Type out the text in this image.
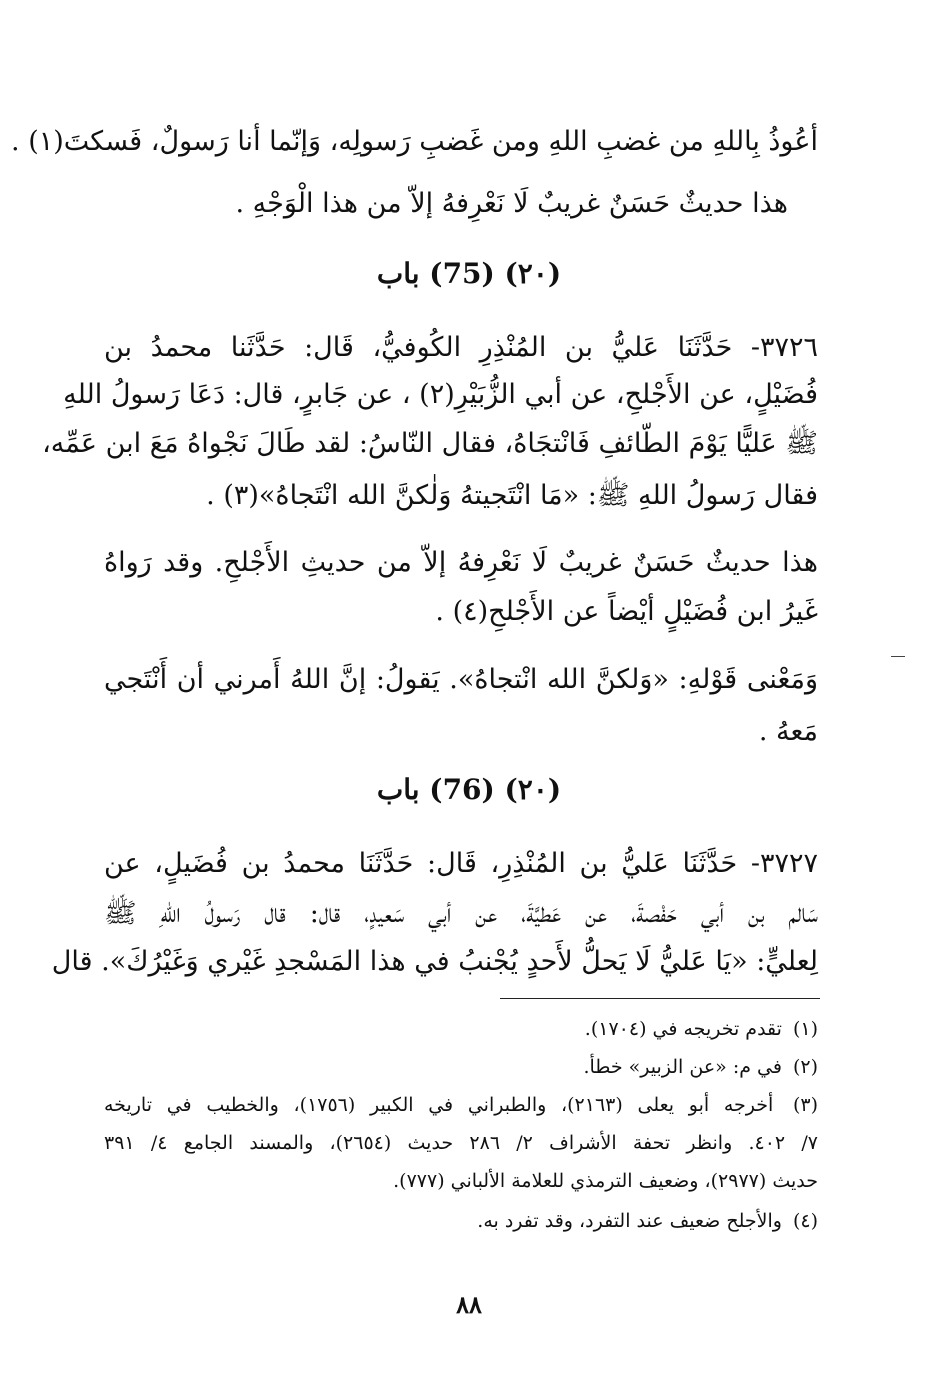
أعُوذُ بِاللهِ من غضبِ اللهِ ومن غَضبِ رَسولِه، وَإنّما أنا رَسولٌ، فَسكتَ(١) .
هذا حديثٌ حَسَنٌ غريبٌ لَا نَعْرِفهُ إلاّ من هذا الْوَجْهِ .
(٢٠) (75) باب
٣٧٢٦- حَدَّثَنَا عَليُّ بن المُنْذِرِ الكُوفيُّ، قَال: حَدَّثَنا محمدُ بن
فُضَيْلٍ، عن الأَجْلحِ، عن أبي الزُّبَيْرِ(٢) ، عن جَابرٍ، قال: دَعَا رَسولُ اللهِ
ﷺ عَليًّا يَوْمَ الطّائفِ فَانْتجَاهُ، فقال النّاسُ: لقد طَالَ نَجْواهُ مَعَ ابن عَمِّه،
فقال رَسولُ اللهِ ﷺ: «مَا انْتَجيتهُ وَلٰكنَّ الله انْتَجاهُ»(٣) .
هذا حديثٌ حَسَنٌ غريبٌ لَا نَعْرِفهُ إلاّ من حديثِ الأَجْلحِ. وقد رَواهُ
غَيرُ ابن فُضَيْلٍ أيْضاً عن الأَجْلحِ(٤) .
وَمَعْنى قَوْلهِ: «وَلكنَّ الله انْتجاهُ». يَقولُ: إنَّ اللهُ أَمرني أن أَنْتَجي
مَعهُ .
(٢٠) (76) باب
٣٧٢٧- حَدَّثَنَا عَليُّ بن المُنْذِرِ، قَال: حَدَّثَنَا محمدُ بن فُضَيلٍ، عن
سَالم بن أبي حَفْصةَ، عن عَطيَّةَ، عن أبي سَعيدٍ، قال: قال رَسولُ اللهِ ﷺ
لِعليٍّ: «يَا عَليُّ لَا يَحلُّ لأَحدٍ يُجْنبُ في هذا المَسْجدِ غَيْري وَغَيْرُكَ». قال
(١) تقدم تخريجه في (١٧٠٤).
(٢) في م: «عن الزبير» خطأ.
(٣) أخرجه أبو يعلى (٢١٦٣)، والطبراني في الكبير (١٧٥٦)، والخطيب في تاريخه
٧/ ٤٠٢. وانظر تحفة الأشراف ٢/ ٢٨٦ حديث (٢٦٥٤)، والمسند الجامع ٤/ ٣٩١
حديث (٢٩٧٧)، وضعيف الترمذي للعلامة الألباني (٧٧٧).
(٤) والأجلح ضعيف عند التفرد، وقد تفرد به.
٨٨
